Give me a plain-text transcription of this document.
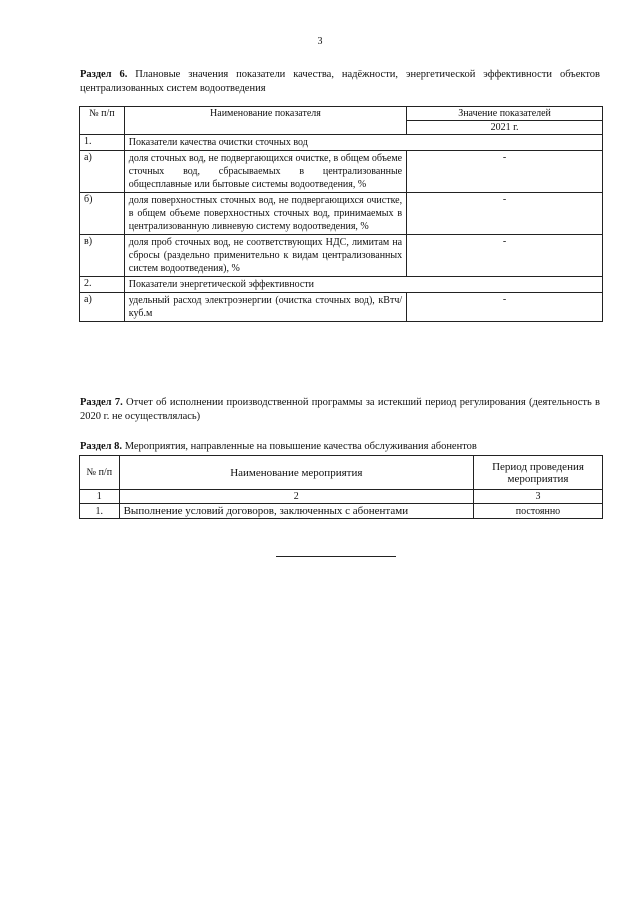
3
Раздел 6. Плановые значения показатели качества, надёжности, энергетической эффективности объектов централизованных систем водоотведения
№ п/п	Наименование показателя	Значение показателей
		2021 г.
1.	Показатели качества очистки сточных вод	
а)	доля сточных вод, не подвергающихся очистке, в общем объеме сточных вод, сбрасываемых в централизованные общесплавные или бытовые системы водоотведения, %	-
б)	доля поверхностных сточных вод, не подвергающихся очистке, в общем объеме поверхностных сточных вод, принимаемых в централизованную ливневую систему водоотведения, %	-
в)	доля проб сточных вод, не соответствующих НДС, лимитам на сбросы (раздельно применительно к видам централизованных систем водоотведения), %	-
2.	Показатели энергетической эффективности	
а)	удельный расход электроэнергии (очистка сточных вод), кВтч/куб.м	-
Раздел 7. Отчет об исполнении производственной программы за истекший период регулирования (деятельность в 2020 г. не осуществлялась)
Раздел 8. Мероприятия, направленные на повышение качества обслуживания абонентов
№ п/п	Наименование мероприятия	Период проведения мероприятия
1	2	3
1.	Выполнение условий договоров, заключенных с абонентами	постоянно
